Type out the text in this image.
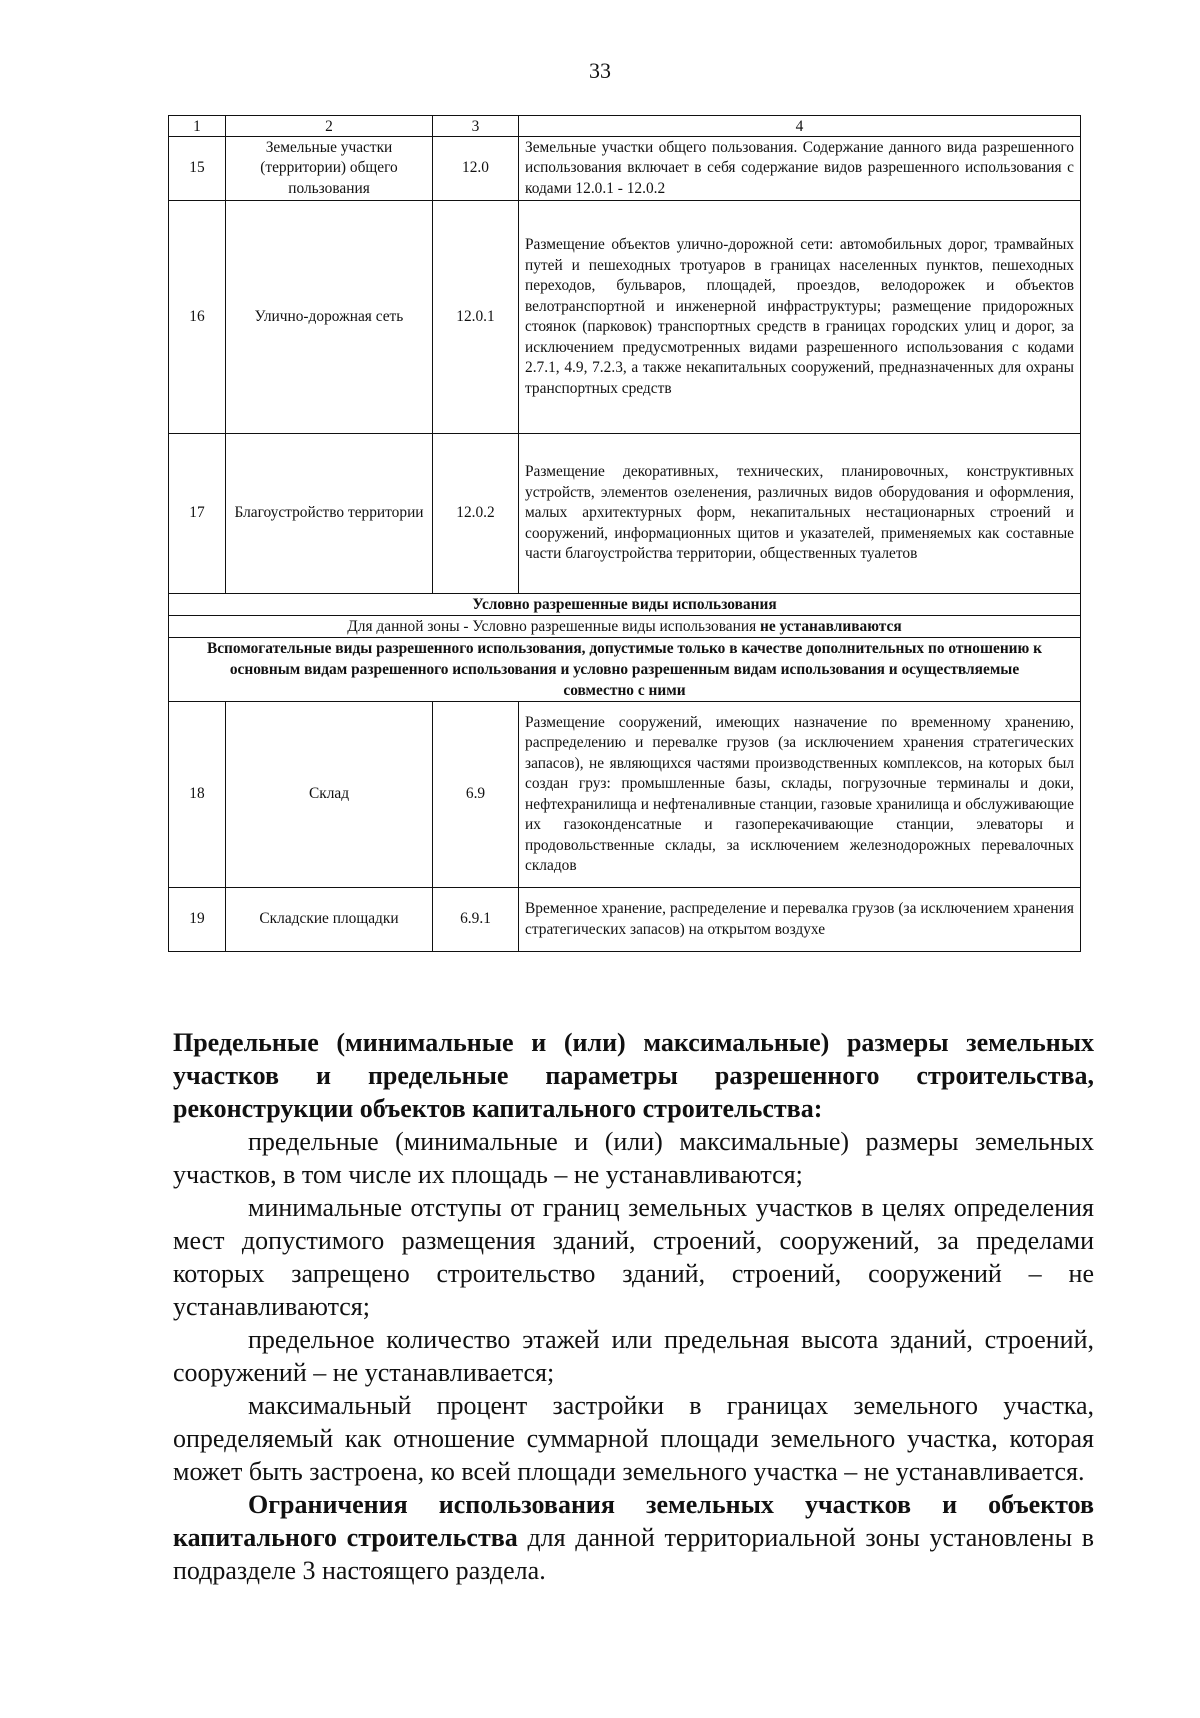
33
1	2	3	4
15	Земельные участки (территории) общего пользования	12.0	Земельные участки общего пользования. Содержание данного вида разрешенного использования включает в себя содержание видов разрешенного использования с кодами 12.0.1 - 12.0.2
16	Улично-дорожная сеть	12.0.1	Размещение объектов улично-дорожной сети: автомобильных дорог, трамвайных путей и пешеходных тротуаров в границах населенных пунктов, пешеходных переходов, бульваров, площадей, проездов, велодорожек и объектов велотранспортной и инженерной инфраструктуры; размещение придорожных стоянок (парковок) транспортных средств в границах городских улиц и дорог, за исключением предусмотренных видами разрешенного использования с кодами 2.7.1, 4.9, 7.2.3, а также некапитальных сооружений, предназначенных для охраны транспортных средств
17	Благоустройство территории	12.0.2	Размещение декоративных, технических, планировочных, конструктивных устройств, элементов озеленения, различных видов оборудования и оформления, малых архитектурных форм, некапитальных нестационарных строений и сооружений, информационных щитов и указателей, применяемых как составные части благоустройства территории, общественных туалетов
Условно разрешенные виды использования			
Для данной зоны - Условно разрешенные виды использования не устанавливаются			
Вспомогательные виды разрешенного использования, допустимые только в качестве дополнительных по отношению к основным видам разрешенного использования и условно разрешенным видам использования и осуществляемые совместно с ними			
18	Склад	6.9	Размещение сооружений, имеющих назначение по временному хранению, распределению и перевалке грузов (за исключением хранения стратегических запасов), не являющихся частями производственных комплексов, на которых был создан груз: промышленные базы, склады, погрузочные терминалы и доки, нефтехранилища и нефтеналивные станции, газовые хранилища и обслуживающие их газоконденсатные и газоперекачивающие станции, элеваторы и продовольственные склады, за исключением железнодорожных перевалочных складов
19	Складские площадки	6.9.1	Временное хранение, распределение и перевалка грузов (за исключением хранения стратегических запасов) на открытом воздухе

Предельные (минимальные и (или) максимальные) размеры земельных участков и предельные параметры разрешенного строительства, реконструкции объектов капитального строительства:

предельные (минимальные и (или) максимальные) размеры земельных участков, в том числе их площадь – не устанавливаются;

минимальные отступы от границ земельных участков в целях определения мест допустимого размещения зданий, строений, сооружений, за пределами которых запрещено строительство зданий, строений, сооружений – не устанавливаются;

предельное количество этажей или предельная высота зданий, строений, сооружений – не устанавливается;

максимальный процент застройки в границах земельного участка, определяемый как отношение суммарной площади земельного участка, которая может быть застроена, ко всей площади земельного участка – не устанавливается.

Ограничения использования земельных участков и объектов капитального строительства для данной территориальной зоны установлены в подразделе 3 настоящего раздела.
